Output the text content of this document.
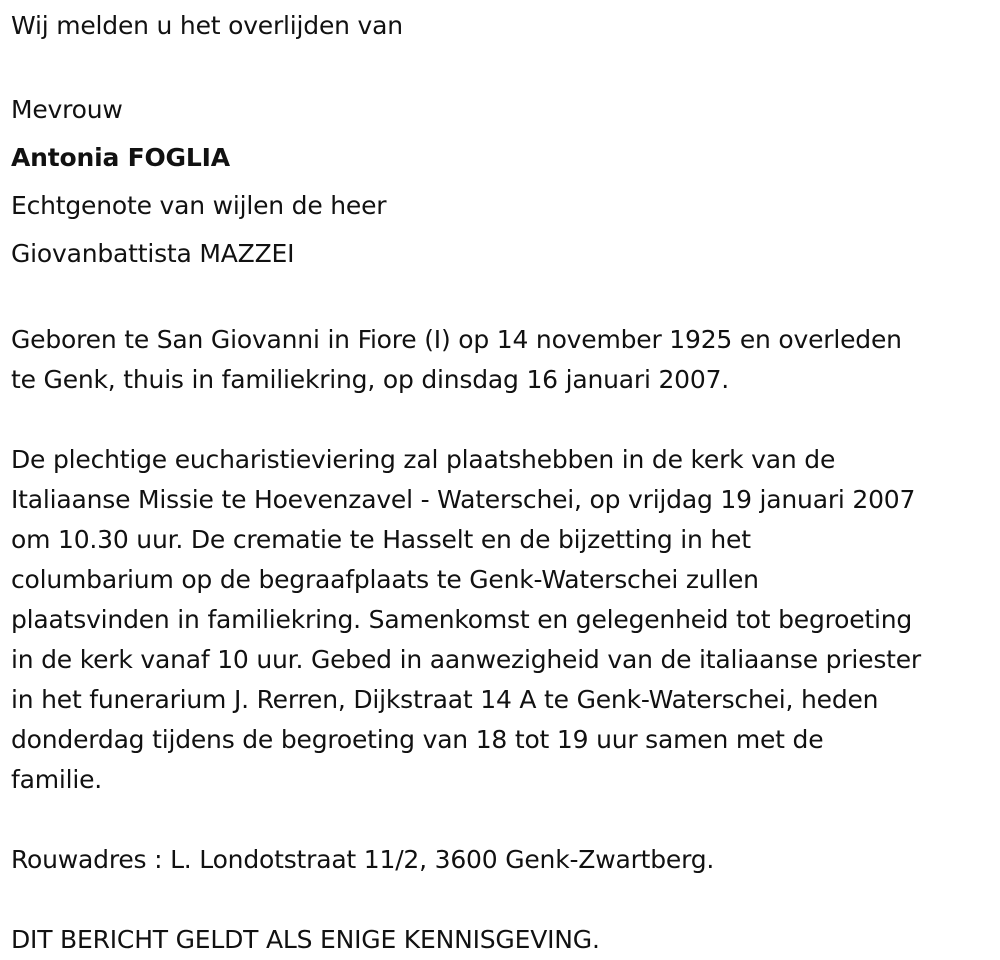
Wij melden u het overlijden van
Mevrouw
Antonia FOGLIA
Echtgenote van wijlen de heer
Giovanbattista MAZZEI
Geboren te San Giovanni in Fiore (I) op 14 november 1925 en overleden
te Genk, thuis in familiekring, op dinsdag 16 januari 2007.
De plechtige eucharistieviering zal plaatshebben in de kerk van de
Italiaanse Missie te Hoevenzavel - Waterschei, op vrijdag 19 januari 2007
om 10.30 uur. De crematie te Hasselt en de bijzetting in het
columbarium op de begraafplaats te Genk-Waterschei zullen
plaatsvinden in familiekring. Samenkomst en gelegenheid tot begroeting
in de kerk vanaf 10 uur. Gebed in aanwezigheid van de italiaanse priester
in het funerarium J. Rerren, Dijkstraat 14 A te Genk-Waterschei, heden
donderdag tijdens de begroeting van 18 tot 19 uur samen met de
familie.
Rouwadres : L. Londotstraat 11/2, 3600 Genk-Zwartberg.
DIT BERICHT GELDT ALS ENIGE KENNISGEVING.
